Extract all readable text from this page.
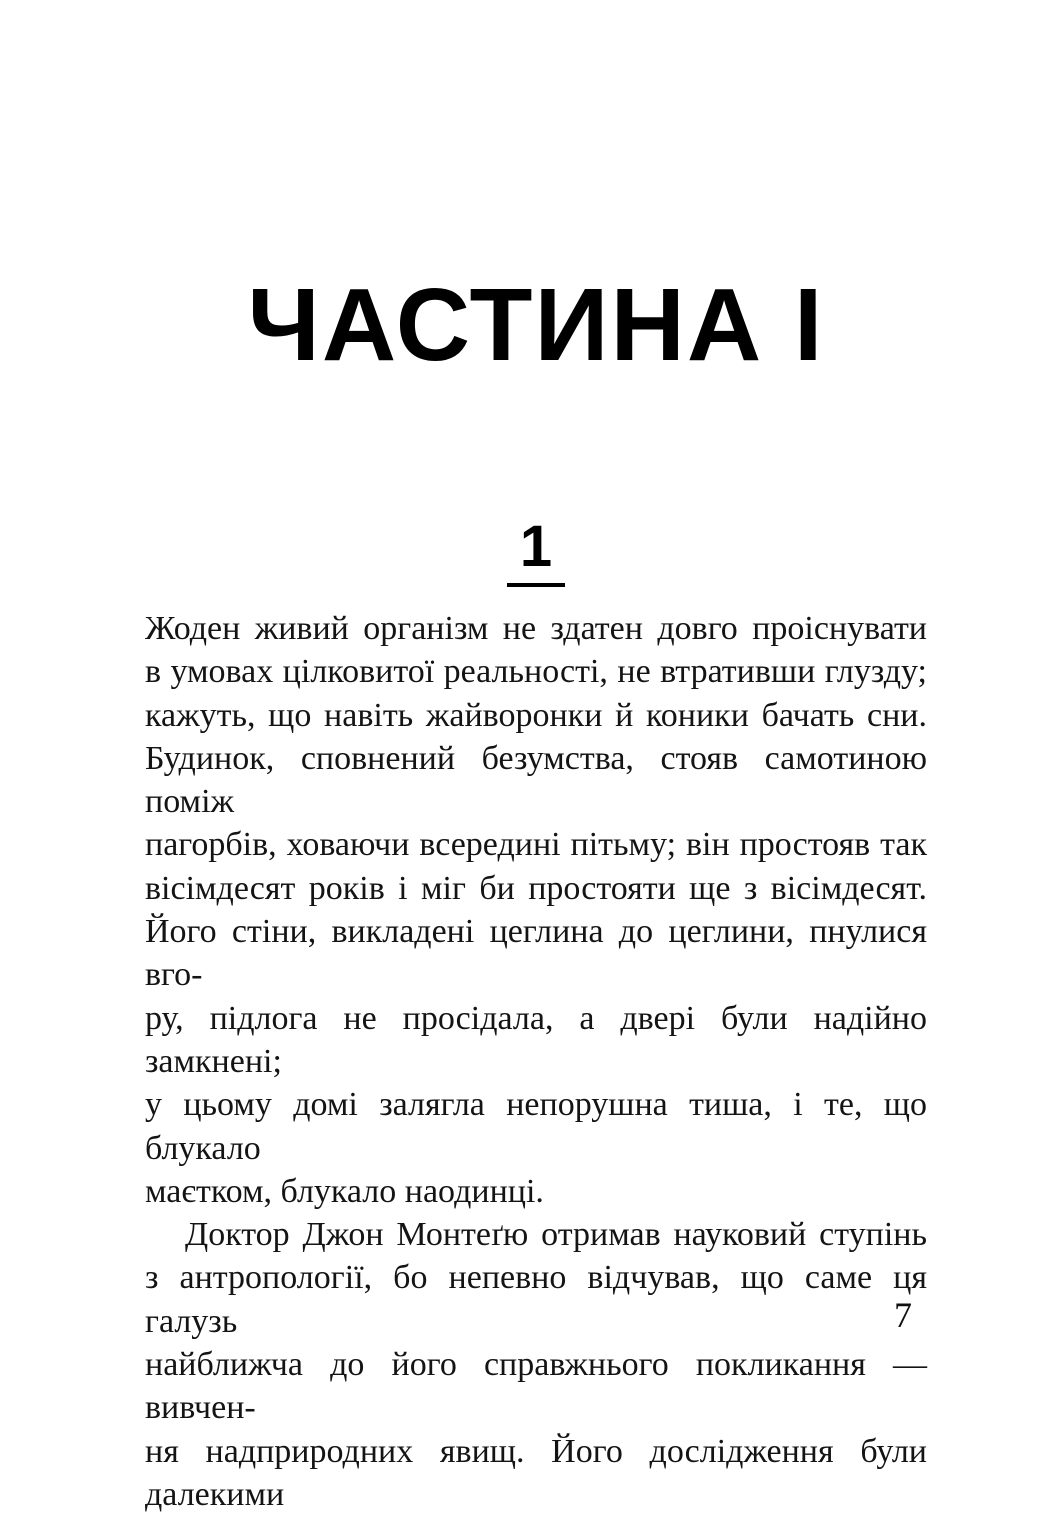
ЧАСТИНА I
1
Жоден живий організм не здатен довго проіснувати
в умовах цілковитої реальності, не втративши глузду;
кажуть, що навіть жайворонки й коники бачать сни.
Будинок, сповнений безумства, стояв самотиною поміж
пагорбів, ховаючи всередині пітьму; він простояв так
вісімдесят років і міг би простояти ще з вісімдесят.
Його стіни, викладені цеглина до цеглини, пнулися вго-
ру, підлога не просідала, а двері були надійно замкнені;
у цьому домі залягла непорушна тиша, і те, що блукало
маєтком, блукало наодинці.
Доктор Джон Монтеґю отримав науковий ступінь
з антропології, бо непевно відчував, що саме ця галузь
найближча до його справжнього покликання — вивчен-
ня надприродних явищ. Його дослідження були далекими
7
